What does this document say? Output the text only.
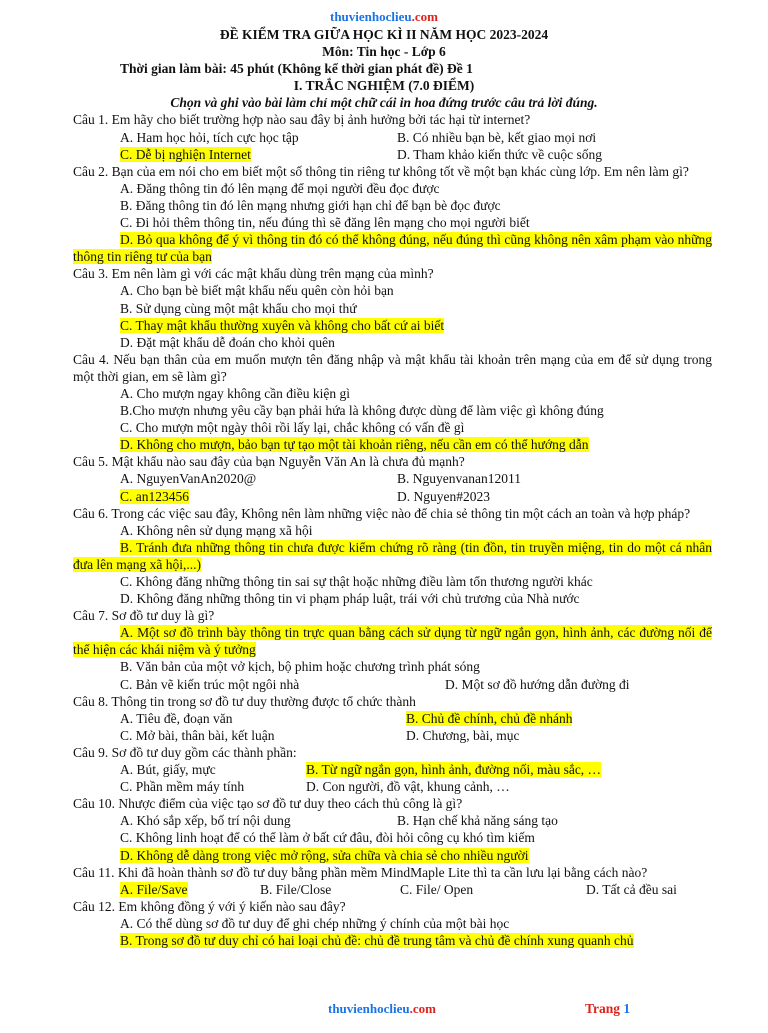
thuvienhoclieu.com
ĐỀ KIỂM TRA GIỮA HỌC KÌ II NĂM HỌC 2023-2024
Môn: Tin học - Lớp 6
Thời gian làm bài: 45 phút (Không kể thời gian phát đề) Đề 1
I. TRẮC NGHIỆM (7.0 ĐIỂM)
Chọn và ghi vào bài làm chỉ một chữ cái in hoa đứng trước câu trả lời đúng.
Câu 1. Em hãy cho biết trường hợp nào sau đây bị ảnh hưởng bởi tác hại từ internet?
A. Ham học hỏi, tích cực học tập	B. Có nhiều bạn bè, kết giao mọi nơi
C. Dễ bị nghiện Internet	D. Tham khảo kiến thức về cuộc sống
Câu 2. Bạn của em nói cho em biết một số thông tin riêng tư không tốt về một bạn khác cùng lớp. Em nên làm gì?
A. Đăng thông tin đó lên mạng để mọi người đều đọc được
B. Đăng thông tin đó lên mạng nhưng giới hạn chỉ để bạn bè đọc được
C. Đi hỏi thêm thông tin, nếu đúng thì sẽ đăng lên mạng cho mọi người biết
D. Bỏ qua không để ý vì thông tin đó có thể không đúng, nếu đúng thì cũng không nên xâm phạm vào những thông tin riêng tư của bạn
Câu 3. Em nên làm gì với các mật khẩu dùng trên mạng của mình?
A. Cho bạn bè biết mật khẩu nếu quên còn hỏi bạn
B. Sử dụng cùng một mật khẩu cho mọi thứ
C. Thay mật khẩu thường xuyên và không cho bất cứ ai biết
D. Đặt mật khẩu dễ đoán cho khỏi quên
Câu 4. Nếu bạn thân của em muốn mượn tên đăng nhập và mật khẩu tài khoản trên mạng của em để sử dụng trong một thời gian, em sẽ làm gì?
A. Cho mượn ngay không cần điều kiện gì
B.Cho mượn nhưng yêu cầy bạn phải hứa là không được dùng để làm việc gì không đúng
C. Cho mượn một ngày thôi rồi lấy lại, chắc không có vấn đề gì
D. Không cho mượn, bảo bạn tự tạo một tài khoản riêng, nếu cần em có thể hướng dẫn
Câu 5. Mật khẩu nào sau đây của bạn Nguyễn Văn An là chưa đủ mạnh?
A. NguyenVanAn2020@	B. Nguyenvanan12011
C. an123456	D. Nguyen#2023
Câu 6. Trong các việc sau đây, Không nên làm những việc nào để chia sẻ thông tin một cách an toàn và hợp pháp?
A. Không nên sử dụng mạng xã hội
B. Tránh đưa những thông tin chưa được kiểm chứng rõ ràng (tin đồn, tin truyền miệng, tin do một cá nhân đưa lên mạng xã hội,...)
C. Không đăng những thông tin sai sự thật hoặc những điều làm tổn thương người khác
D. Không đăng những thông tin vi phạm pháp luật, trái với chủ trương của Nhà nước
Câu 7. Sơ đồ tư duy là gì?
A. Một sơ đồ trình bày thông tin trực quan bằng cách sử dụng từ ngữ ngắn gọn, hình ảnh, các đường nối để thể hiện các khái niệm và ý tưởng
B. Văn bản của một vở kịch, bộ phim hoặc chương trình phát sóng
C. Bản vẽ kiến trúc một ngôi nhà	D. Một sơ đồ hướng dẫn đường đi
Câu 8. Thông tin trong sơ đồ tư duy thường được tổ chức thành
A. Tiêu đề, đoạn văn	B. Chủ đề chính, chủ đề nhánh
C. Mở bài, thân bài, kết luận	D. Chương, bài, mục
Câu 9. Sơ đồ tư duy gồm các thành phần:
A. Bút, giấy, mực	B. Từ ngữ ngắn gọn, hình ảnh, đường nối, màu sắc, …
C. Phần mềm máy tính	D. Con người, đồ vật, khung cảnh, …
Câu 10. Nhược điểm của việc tạo sơ đồ tư duy theo cách thủ công là gì?
A. Khó sắp xếp, bố trí nội dung	B. Hạn chế khả năng sáng tạo
C. Không linh hoạt để có thể làm ở bất cứ đâu, đòi hỏi công cụ khó tìm kiếm
D. Không dễ dàng trong việc mở rộng, sửa chữa và chia sẻ cho nhiều người
Câu 11. Khi đã hoàn thành sơ đồ tư duy bằng phần mềm MindMaple Lite thì ta cần lưu lại bằng cách nào?
A. File/Save	B. File/Close	C. File/ Open	D. Tất cả đều sai
Câu 12. Em không đồng ý với ý kiến nào sau đây?
A. Có thể dùng sơ đồ tư duy để ghi chép những ý chính của một bài học
B. Trong sơ đồ tư duy chỉ có hai loại chủ đề: chủ đề trung tâm và chủ đề chính xung quanh chủ
thuvienhoclieu.com	Trang 1
